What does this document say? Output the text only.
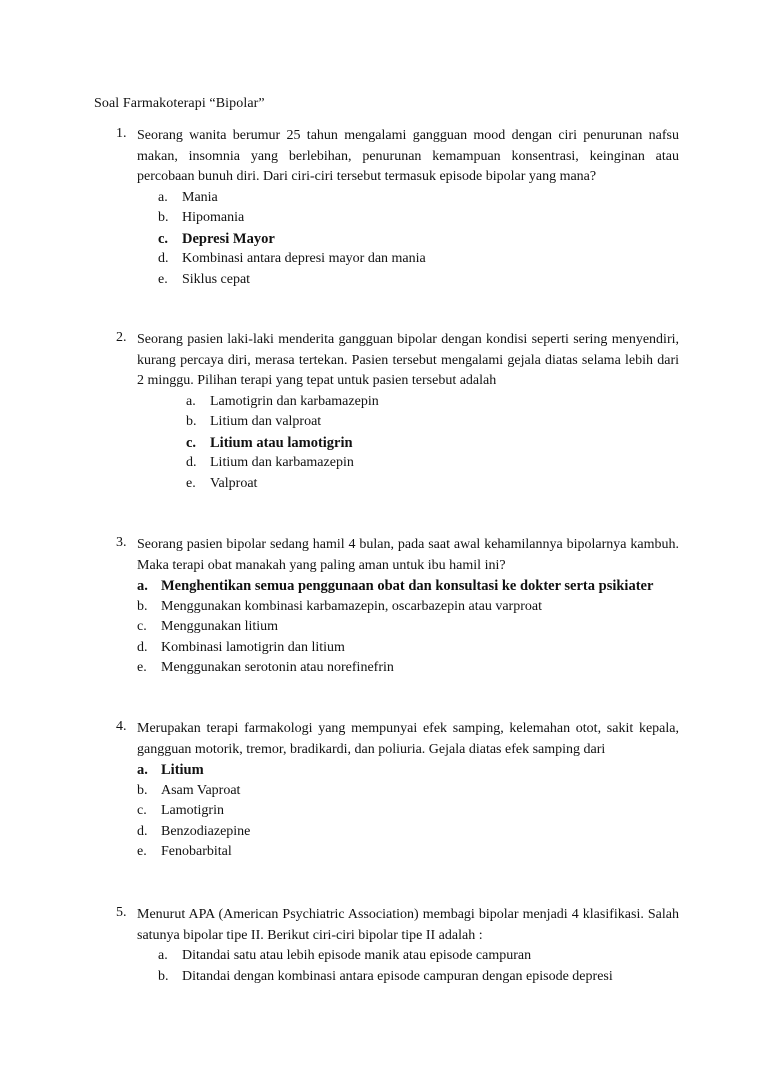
Soal Farmakoterapi “Bipolar”
1. Seorang wanita berumur 25 tahun mengalami gangguan mood dengan ciri penurunan nafsu makan, insomnia yang berlebihan, penurunan kemampuan konsentrasi, keinginan atau percobaan bunuh diri. Dari ciri-ciri tersebut termasuk episode bipolar yang mana?
a. Mania
b. Hipomania
c. Depresi Mayor
d. Kombinasi antara depresi mayor dan mania
e. Siklus cepat
2. Seorang pasien laki-laki menderita gangguan bipolar dengan kondisi seperti sering menyendiri, kurang percaya diri, merasa tertekan. Pasien tersebut mengalami gejala diatas selama lebih dari 2 minggu. Pilihan terapi yang tepat untuk pasien tersebut adalah
a. Lamotigrin dan karbamazepin
b. Litium dan valproat
c. Litium atau lamotigrin
d. Litium dan karbamazepin
e. Valproat
3. Seorang pasien bipolar sedang hamil 4 bulan, pada saat awal kehamilannya bipolarnya kambuh. Maka terapi obat manakah yang paling aman untuk ibu hamil ini?
a. Menghentikan semua penggunaan obat dan konsultasi ke dokter serta psikiater
b. Menggunakan kombinasi karbamazepin, oscarbazepin atau varproat
c. Menggunakan litium
d. Kombinasi lamotigrin dan litium
e. Menggunakan serotonin atau norefinefrin
4. Merupakan terapi farmakologi yang mempunyai efek samping, kelemahan otot, sakit kepala, gangguan motorik, tremor, bradikardi, dan poliuria. Gejala diatas efek samping dari
a. Litium
b. Asam Vaproat
c. Lamotigrin
d. Benzodiazepine
e. Fenobarbital
5. Menurut APA (American Psychiatric Association) membagi bipolar menjadi 4 klasifikasi. Salah satunya bipolar tipe II. Berikut ciri-ciri bipolar tipe II adalah :
a. Ditandai satu atau lebih episode manik atau episode campuran
b. Ditandai dengan kombinasi antara episode campuran dengan episode depresi
